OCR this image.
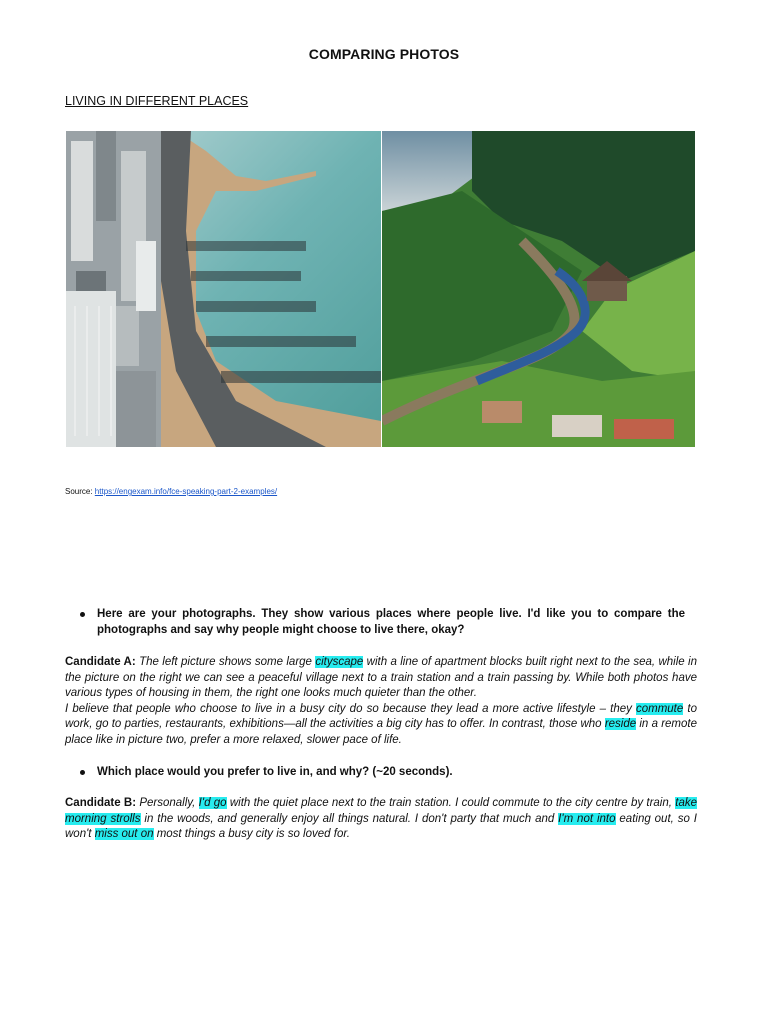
COMPARING PHOTOS
LIVING IN DIFFERENT PLACES
Source: https://engexam.info/fce-speaking-part-2-examples/
Here are your photographs. They show various places where people live. I'd like you to compare the photographs and say why people might choose to live there, okay?
Candidate A: The left picture shows some large cityscape with a line of apartment blocks built right next to the sea, while in the picture on the right we can see a peaceful village next to a train station and a train passing by. While both photos have various types of housing in them, the right one looks much quieter than the other.
I believe that people who choose to live in a busy city do so because they lead a more active lifestyle – they commute to work, go to parties, restaurants, exhibitions—all the activities a big city has to offer. In contrast, those who reside in a remote place like in picture two, prefer a more relaxed, slower pace of life.
Which place would you prefer to live in, and why? (~20 seconds).
Candidate B: Personally, I'd go with the quiet place next to the train station. I could commute to the city centre by train, take morning strolls in the woods, and generally enjoy all things natural. I don't party that much and I'm not into eating out, so I won't miss out on most things a busy city is so loved for.
